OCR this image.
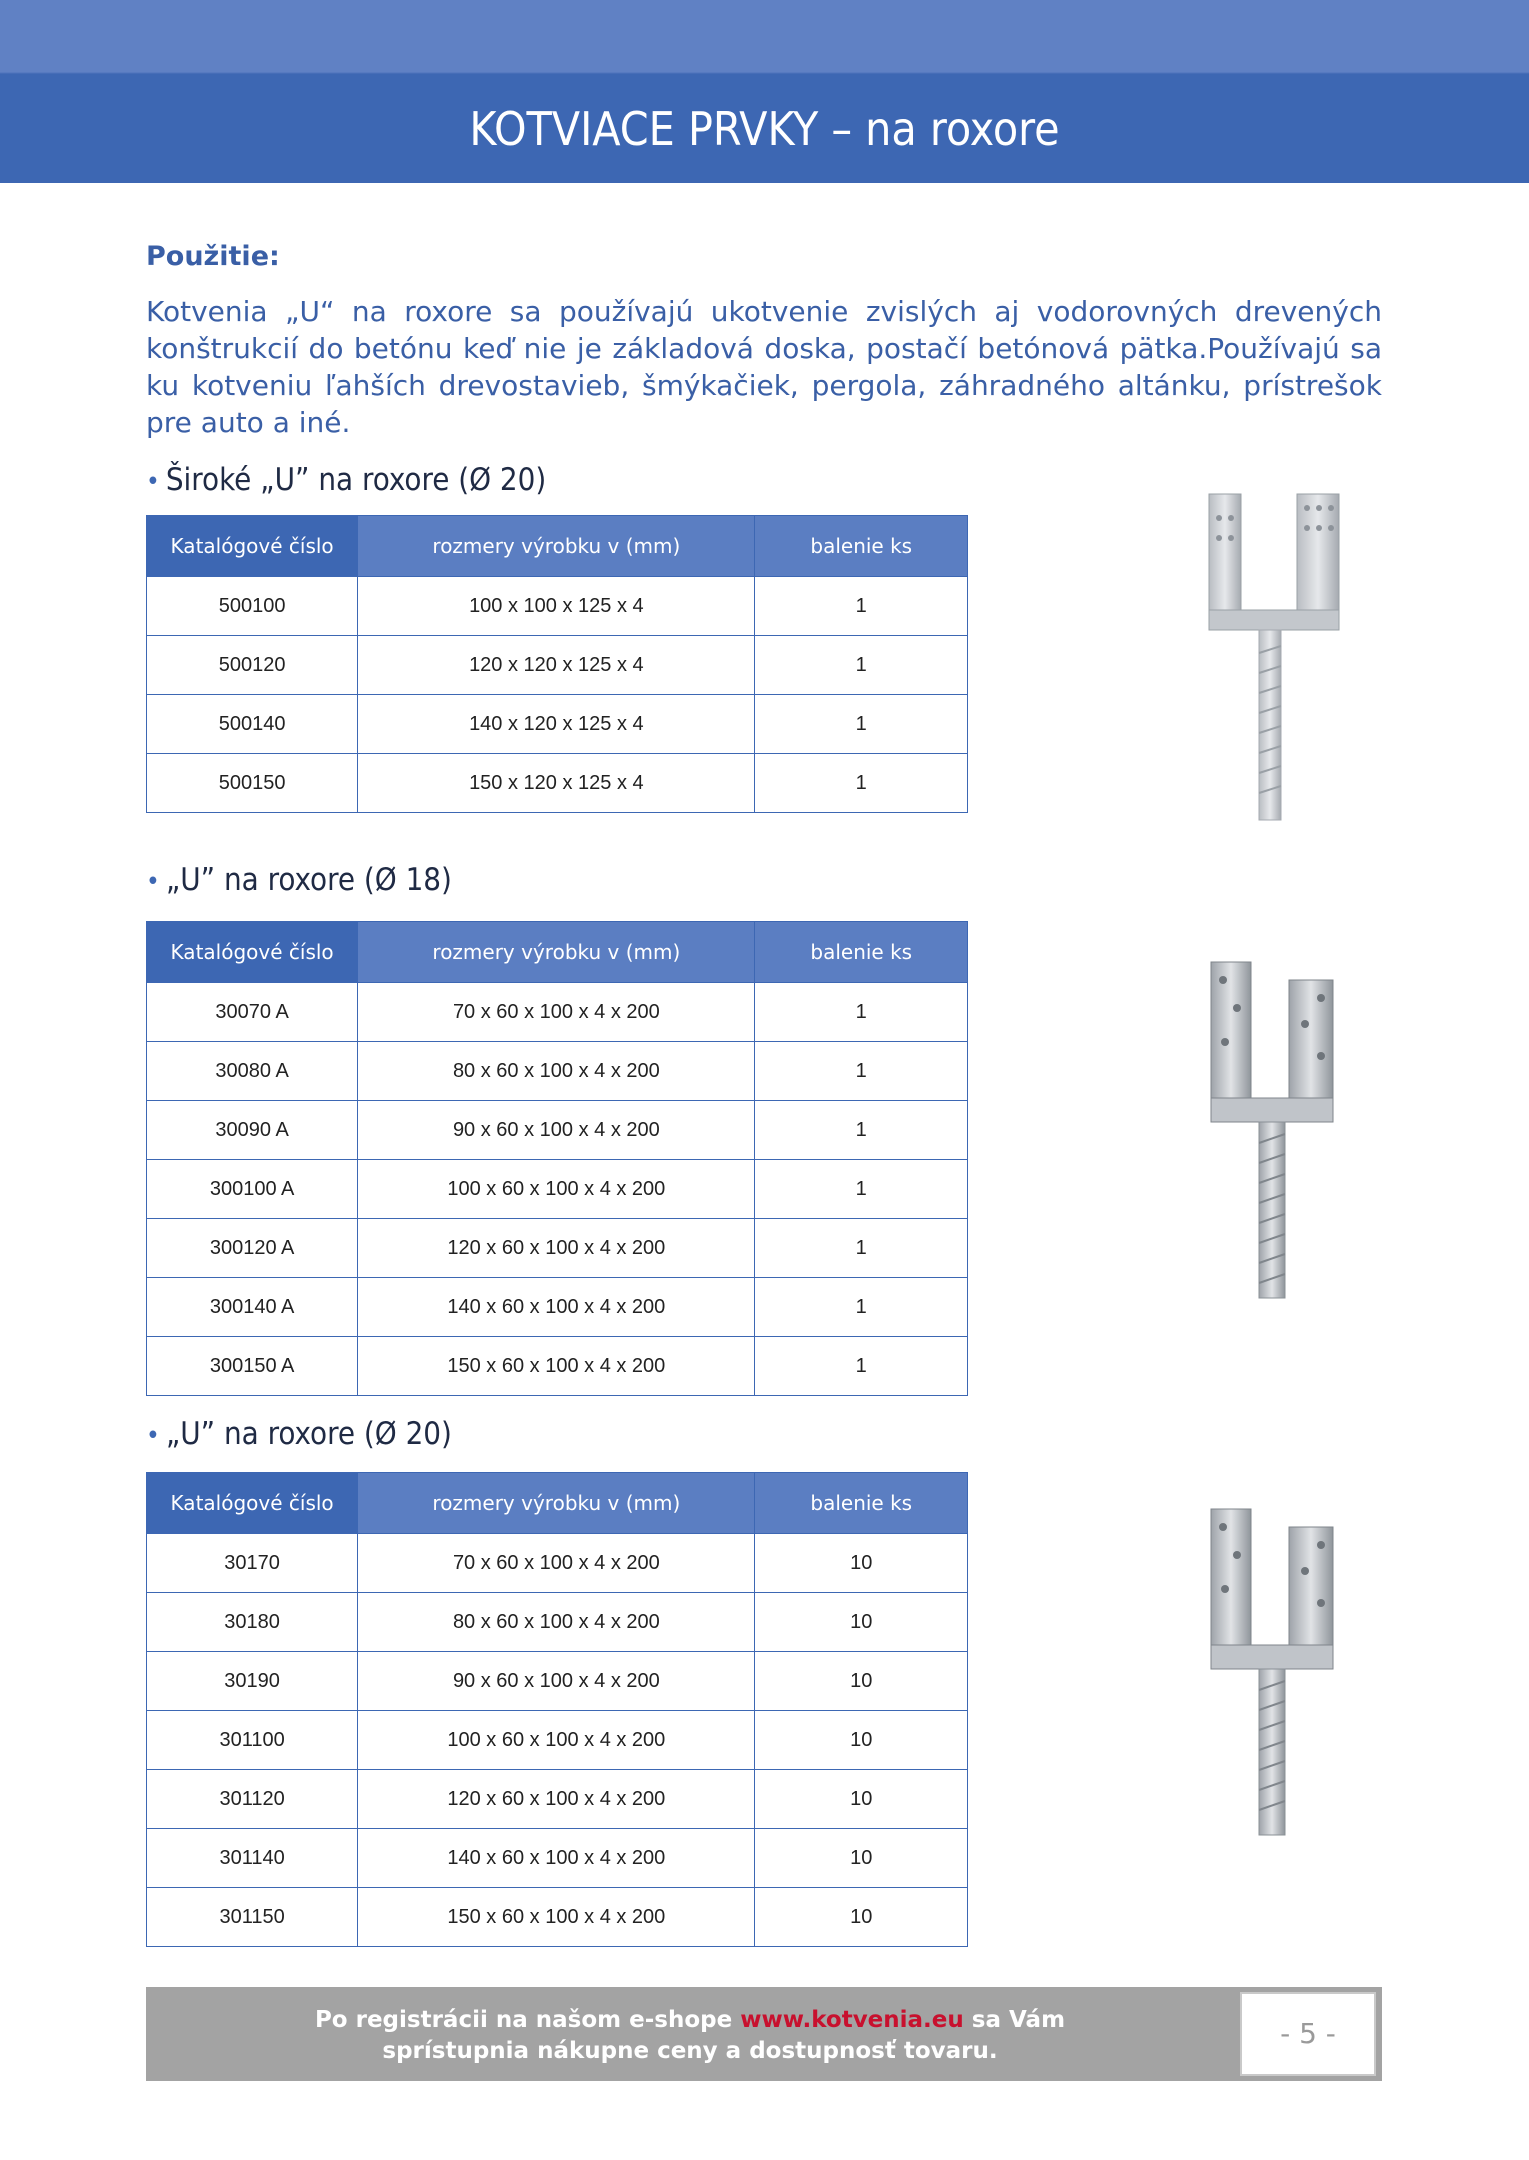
KOTVIACE PRVKY – na roxore
Použitie:
Kotvenia „U“ na roxore sa používajú ukotvenie zvislých aj vodorovných drevených konštrukcií do betónu keď nie je základová doska, postačí betónová pätka.Používajú sa ku kotveniu ľahších drevostavieb, šmýkačiek, pergola, záhradného altánku, prístrešok pre auto a iné.
• Široké „U” na roxore (Ø 20)
Katalógové číslo	rozmery výrobku v (mm)	balenie ks
500100	100 x 100 x 125 x 4	1
500120	120 x 120 x 125 x 4	1
500140	140 x 120 x 125 x 4	1
500150	150 x 120 x 125 x 4	1
• „U” na roxore (Ø 18)
Katalógové číslo	rozmery výrobku v (mm)	balenie ks
30070 A	70 x 60 x 100 x 4 x 200	1
30080 A	80 x 60 x 100 x 4 x 200	1
30090 A	90 x 60 x 100 x 4 x 200	1
300100 A	100 x 60 x 100 x 4 x 200	1
300120 A	120 x 60 x 100 x 4 x 200	1
300140 A	140 x 60 x 100 x 4 x 200	1
300150 A	150 x 60 x 100 x 4 x 200	1
• „U” na roxore (Ø 20)
Katalógové číslo	rozmery výrobku v (mm)	balenie ks
30170	70 x 60 x 100 x 4 x 200	10
30180	80 x 60 x 100 x 4 x 200	10
30190	90 x 60 x 100 x 4 x 200	10
301100	100 x 60 x 100 x 4 x 200	10
301120	120 x 60 x 100 x 4 x 200	10
301140	140 x 60 x 100 x 4 x 200	10
301150	150 x 60 x 100 x 4 x 200	10
Po registrácii na našom e-shope www.kotvenia.eu sa Vám
sprístupnia nákupne ceny a dostupnosť tovaru.
- 5 -
